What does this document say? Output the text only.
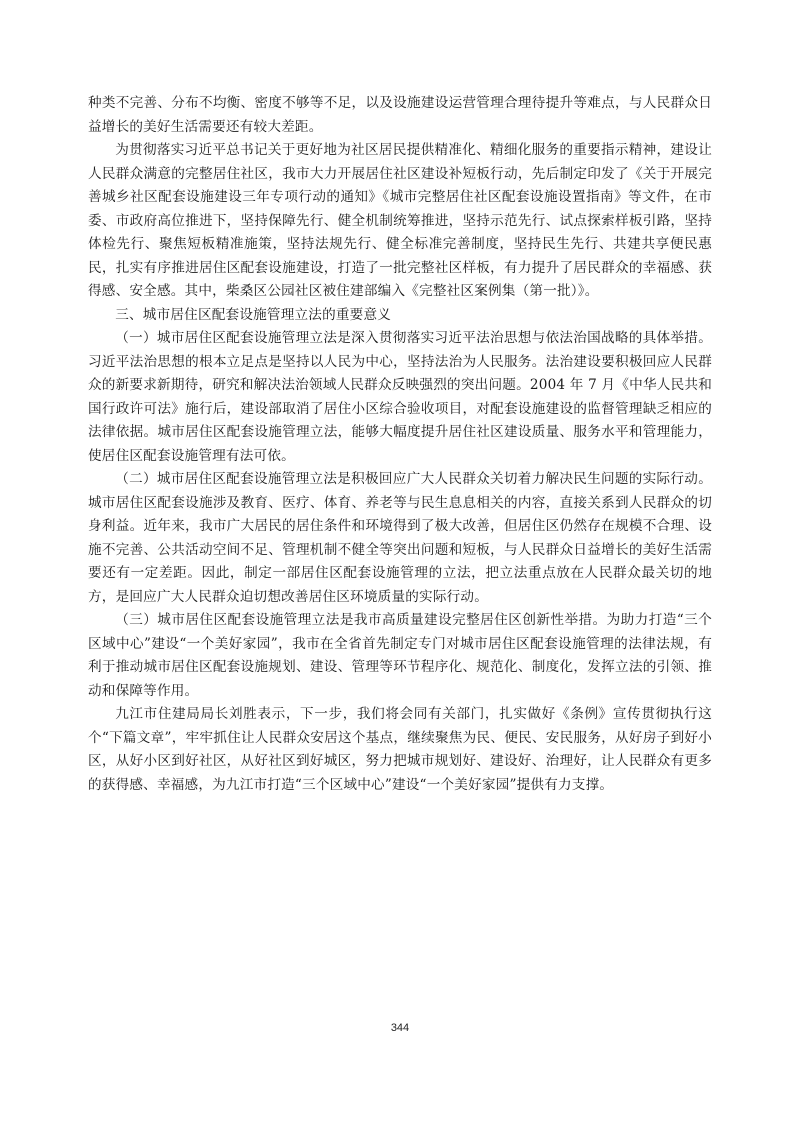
种类不完善、分布不均衡、密度不够等不足，以及设施建设运营管理合理待提升等难点，与人民群众日益增长的美好生活需要还有较大差距。

为贯彻落实习近平总书记关于更好地为社区居民提供精准化、精细化服务的重要指示精神，建设让人民群众满意的完整居住社区，我市大力开展居住社区建设补短板行动，先后制定印发了《关于开展完善城乡社区配套设施建设三年专项行动的通知》《城市完整居住社区配套设施设置指南》等文件，在市委、市政府高位推进下，坚持保障先行、健全机制统筹推进，坚持示范先行、试点探索样板引路，坚持体检先行、聚焦短板精准施策，坚持法规先行、健全标准完善制度，坚持民生先行、共建共享便民惠民，扎实有序推进居住区配套设施建设，打造了一批完整社区样板，有力提升了居民群众的幸福感、获得感、安全感。其中，柴桑区公园社区被住建部编入《完整社区案例集（第一批）》。

三、城市居住区配套设施管理立法的重要意义

（一）城市居住区配套设施管理立法是深入贯彻落实习近平法治思想与依法治国战略的具体举措。习近平法治思想的根本立足点是坚持以人民为中心，坚持法治为人民服务。法治建设要积极回应人民群众的新要求新期待，研究和解决法治领域人民群众反映强烈的突出问题。2004 年 7 月《中华人民共和国行政许可法》施行后，建设部取消了居住小区综合验收项目，对配套设施建设的监督管理缺乏相应的法律依据。城市居住区配套设施管理立法，能够大幅度提升居住社区建设质量、服务水平和管理能力，使居住区配套设施管理有法可依。

（二）城市居住区配套设施管理立法是积极回应广大人民群众关切着力解决民生问题的实际行动。城市居住区配套设施涉及教育、医疗、体育、养老等与民生息息相关的内容，直接关系到人民群众的切身利益。近年来，我市广大居民的居住条件和环境得到了极大改善，但居住区仍然存在规模不合理、设施不完善、公共活动空间不足、管理机制不健全等突出问题和短板，与人民群众日益增长的美好生活需要还有一定差距。因此，制定一部居住区配套设施管理的立法，把立法重点放在人民群众最关切的地方，是回应广大人民群众迫切想改善居住区环境质量的实际行动。

（三）城市居住区配套设施管理立法是我市高质量建设完整居住区创新性举措。为助力打造“三个区域中心”建设“一个美好家园”，我市在全省首先制定专门对城市居住区配套设施管理的法律法规，有利于推动城市居住区配套设施规划、建设、管理等环节程序化、规范化、制度化，发挥立法的引领、推动和保障等作用。

九江市住建局局长刘胜表示，下一步，我们将会同有关部门，扎实做好《条例》宣传贯彻执行这个“下篇文章”，牢牢抓住让人民群众安居这个基点，继续聚焦为民、便民、安民服务，从好房子到好小区，从好小区到好社区，从好社区到好城区，努力把城市规划好、建设好、治理好，让人民群众有更多的获得感、幸福感，为九江市打造“三个区域中心”建设“一个美好家园”提供有力支撑。

344
